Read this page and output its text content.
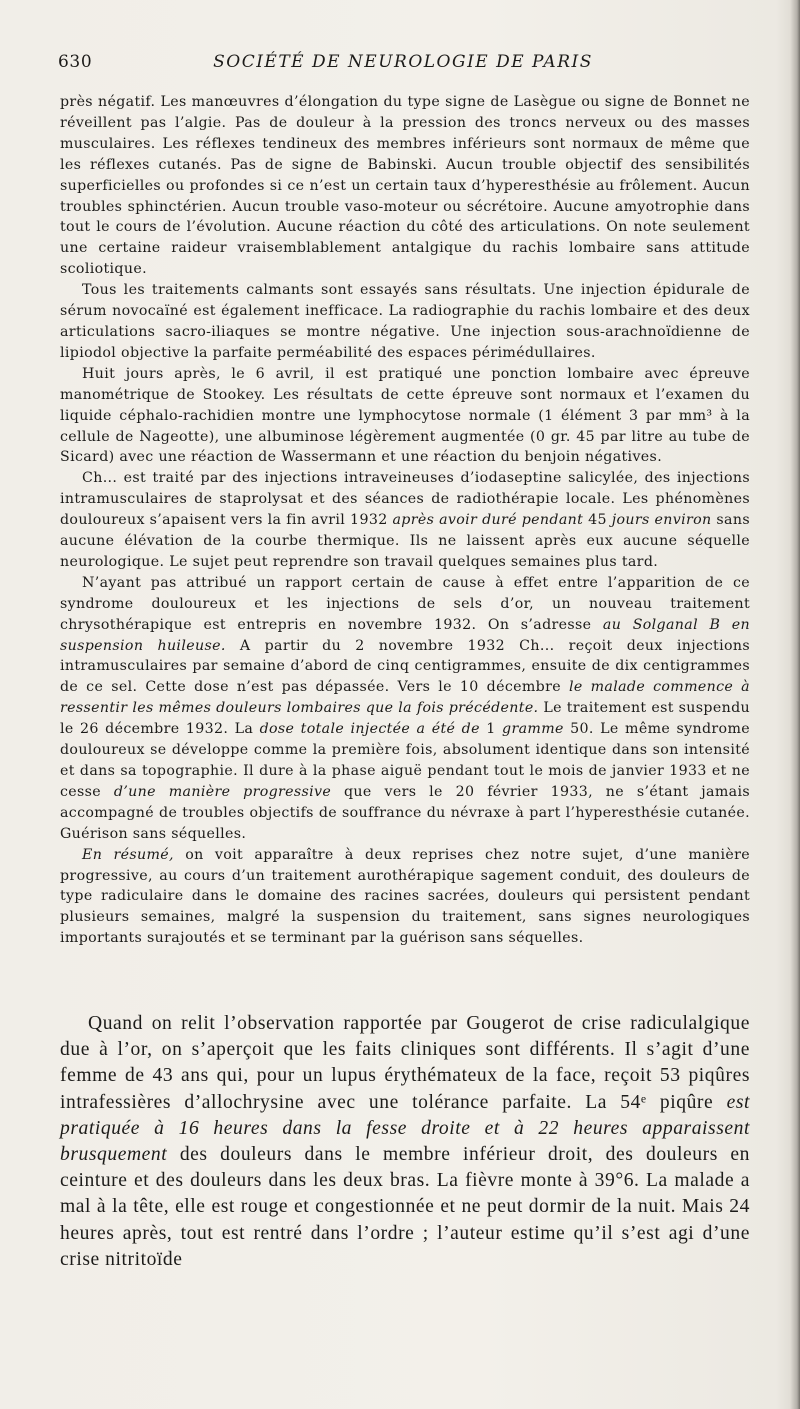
630	SOCIÉTÉ DE NEUROLOGIE DE PARIS

près négatif. Les manœuvres d’élongation du type signe de Lasègue ou signe de Bonnet ne réveillent pas l’algie. Pas de douleur à la pression des troncs nerveux ou des masses musculaires. Les réflexes tendineux des membres inférieurs sont normaux de même que les réflexes cutanés. Pas de signe de Babinski. Aucun trouble objectif des sensibilités superficielles ou profondes si ce n’est un certain taux d’hyperesthésie au frôlement. Aucun troubles sphinctérien. Aucun trouble vaso-moteur ou sécrétoire. Aucune amyotrophie dans tout le cours de l’évolution. Aucune réaction du côté des articulations. On note seulement une certaine raideur vraisemblablement antalgique du rachis lombaire sans attitude scoliotique.

Tous les traitements calmants sont essayés sans résultats. Une injection épidurale de sérum novocaïné est également inefficace. La radiographie du rachis lombaire et des deux articulations sacro-iliaques se montre négative. Une injection sous-arachnoïdienne de lipiodol objective la parfaite perméabilité des espaces périmédullaires.

Huit jours après, le 6 avril, il est pratiqué une ponction lombaire avec épreuve manométrique de Stookey. Les résultats de cette épreuve sont normaux et l’examen du liquide céphalo-rachidien montre une lymphocytose normale (1 élément 3 par mm³ à la cellule de Nageotte), une albuminose légèrement augmentée (0 gr. 45 par litre au tube de Sicard) avec une réaction de Wassermann et une réaction du benjoin négatives.

Ch... est traité par des injections intraveineuses d’iodaseptine salicylée, des injections intramusculaires de staprolysat et des séances de radiothérapie locale. Les phénomènes douloureux s’apaisent vers la fin avril 1932 après avoir duré pendant 45 jours environ sans aucune élévation de la courbe thermique. Ils ne laissent après eux aucune séquelle neurologique. Le sujet peut reprendre son travail quelques semaines plus tard.

N’ayant pas attribué un rapport certain de cause à effet entre l’apparition de ce syndrome douloureux et les injections de sels d’or, un nouveau traitement chrysothérapique est entrepris en novembre 1932. On s’adresse au Solganal B en suspension huileuse. A partir du 2 novembre 1932 Ch... reçoit deux injections intramusculaires par semaine d’abord de cinq centigrammes, ensuite de dix centigrammes de ce sel. Cette dose n’est pas dépassée. Vers le 10 décembre le malade commence à ressentir les mêmes douleurs lombaires que la fois précédente. Le traitement est suspendu le 26 décembre 1932. La dose totale injectée a été de 1 gramme 50. Le même syndrome douloureux se développe comme la première fois, absolument identique dans son intensité et dans sa topographie. Il dure à la phase aiguë pendant tout le mois de janvier 1933 et ne cesse d’une manière progressive que vers le 20 février 1933, ne s’étant jamais accompagné de troubles objectifs de souffrance du névraxe à part l’hyperesthésie cutanée. Guérison sans séquelles.

En résumé, on voit apparaître à deux reprises chez notre sujet, d’une manière progressive, au cours d’un traitement aurothérapique sagement conduit, des douleurs de type radiculaire dans le domaine des racines sacrées, douleurs qui persistent pendant plusieurs semaines, malgré la suspension du traitement, sans signes neurologiques importants surajoutés et se terminant par la guérison sans séquelles.

Quand on relit l’observation rapportée par Gougerot de crise radiculalgique due à l’or, on s’aperçoit que les faits cliniques sont différents. Il s’agit d’une femme de 43 ans qui, pour un lupus érythémateux de la face, reçoit 53 piqûres intrafessières d’allochrysine avec une tolérance parfaite. La 54ᵉ piqûre est pratiquée à 16 heures dans la fesse droite et à 22 heures apparaissent brusquement des douleurs dans le membre inférieur droit, des douleurs en ceinture et des douleurs dans les deux bras. La fièvre monte à 39°6. La malade a mal à la tête, elle est rouge et congestionnée et ne peut dormir de la nuit. Mais 24 heures après, tout est rentré dans l’ordre ; l’auteur estime qu’il s’est agi d’une crise nitritoïde
